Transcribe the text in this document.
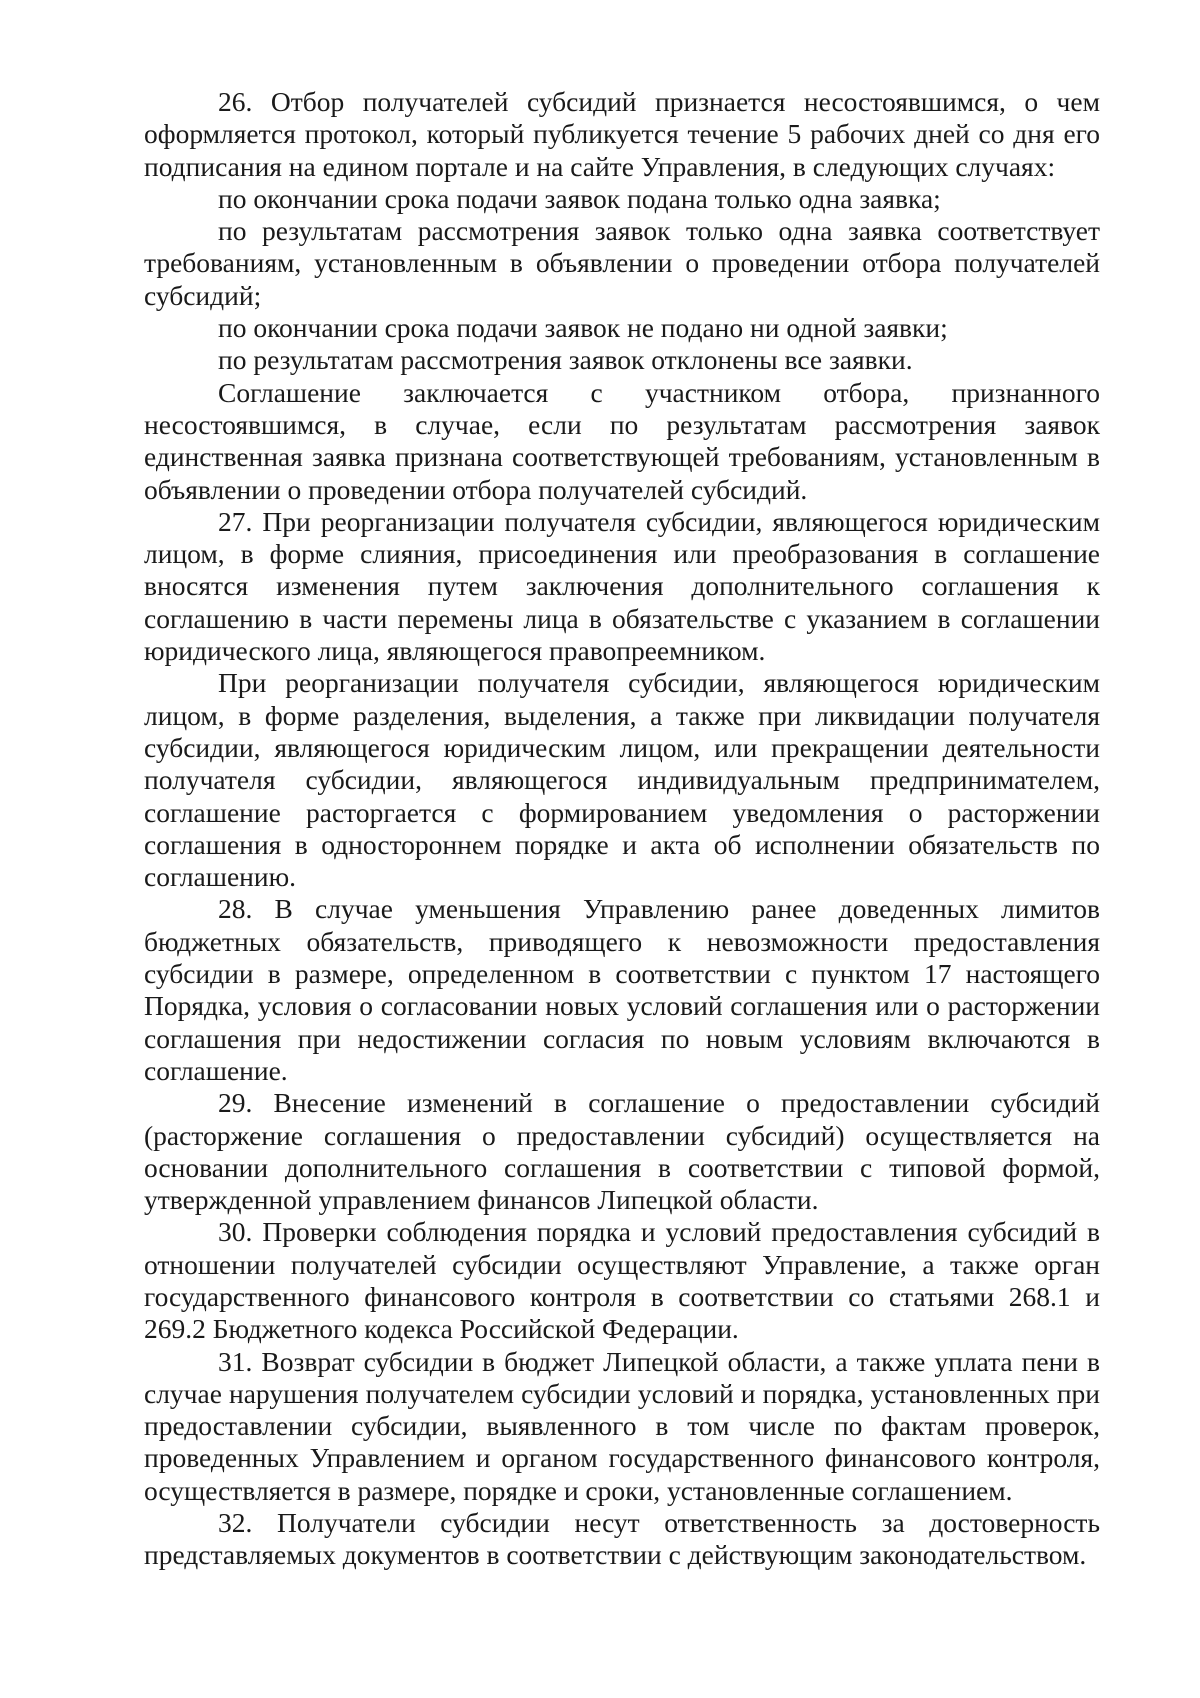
26. Отбор получателей субсидий признается несостоявшимся, о чем оформляется протокол, который публикуется течение 5 рабочих дней со дня его подписания на едином портале и на сайте Управления, в следующих случаях:

по окончании срока подачи заявок подана только одна заявка;

по результатам рассмотрения заявок только одна заявка соответствует требованиям, установленным в объявлении о проведении отбора получателей субсидий;

по окончании срока подачи заявок не подано ни одной заявки;

по результатам рассмотрения заявок отклонены все заявки.

Соглашение заключается с участником отбора, признанного несостоявшимся, в случае, если по результатам рассмотрения заявок единственная заявка признана соответствующей требованиям, установленным в объявлении о проведении отбора получателей субсидий.

27. При реорганизации получателя субсидии, являющегося юридическим лицом, в форме слияния, присоединения или преобразования в соглашение вносятся изменения путем заключения дополнительного соглашения к соглашению в части перемены лица в обязательстве с указанием в соглашении юридического лица, являющегося правопреемником.

При реорганизации получателя субсидии, являющегося юридическим лицом, в форме разделения, выделения, а также при ликвидации получателя субсидии, являющегося юридическим лицом, или прекращении деятельности получателя субсидии, являющегося индивидуальным предпринимателем, соглашение расторгается с формированием уведомления о расторжении соглашения в одностороннем порядке и акта об исполнении обязательств по соглашению.

28. В случае уменьшения Управлению ранее доведенных лимитов бюджетных обязательств, приводящего к невозможности предоставления субсидии в размере, определенном в соответствии с пунктом 17 настоящего Порядка, условия о согласовании новых условий соглашения или о расторжении соглашения при недостижении согласия по новым условиям включаются в соглашение.

29. Внесение изменений в соглашение о предоставлении субсидий (расторжение соглашения о предоставлении субсидий) осуществляется на основании дополнительного соглашения в соответствии с типовой формой, утвержденной управлением финансов Липецкой области.

30. Проверки соблюдения порядка и условий предоставления субсидий в отношении получателей субсидии осуществляют Управление, а также орган государственного финансового контроля в соответствии со статьями 268.1 и 269.2 Бюджетного кодекса Российской Федерации.

31. Возврат субсидии в бюджет Липецкой области, а также уплата пени в случае нарушения получателем субсидии условий и порядка, установленных при предоставлении субсидии, выявленного в том числе по фактам проверок, проведенных Управлением и органом государственного финансового контроля, осуществляется в размере, порядке и сроки, установленные соглашением.

32. Получатели субсидии несут ответственность за достоверность представляемых документов в соответствии с действующим законодательством.
